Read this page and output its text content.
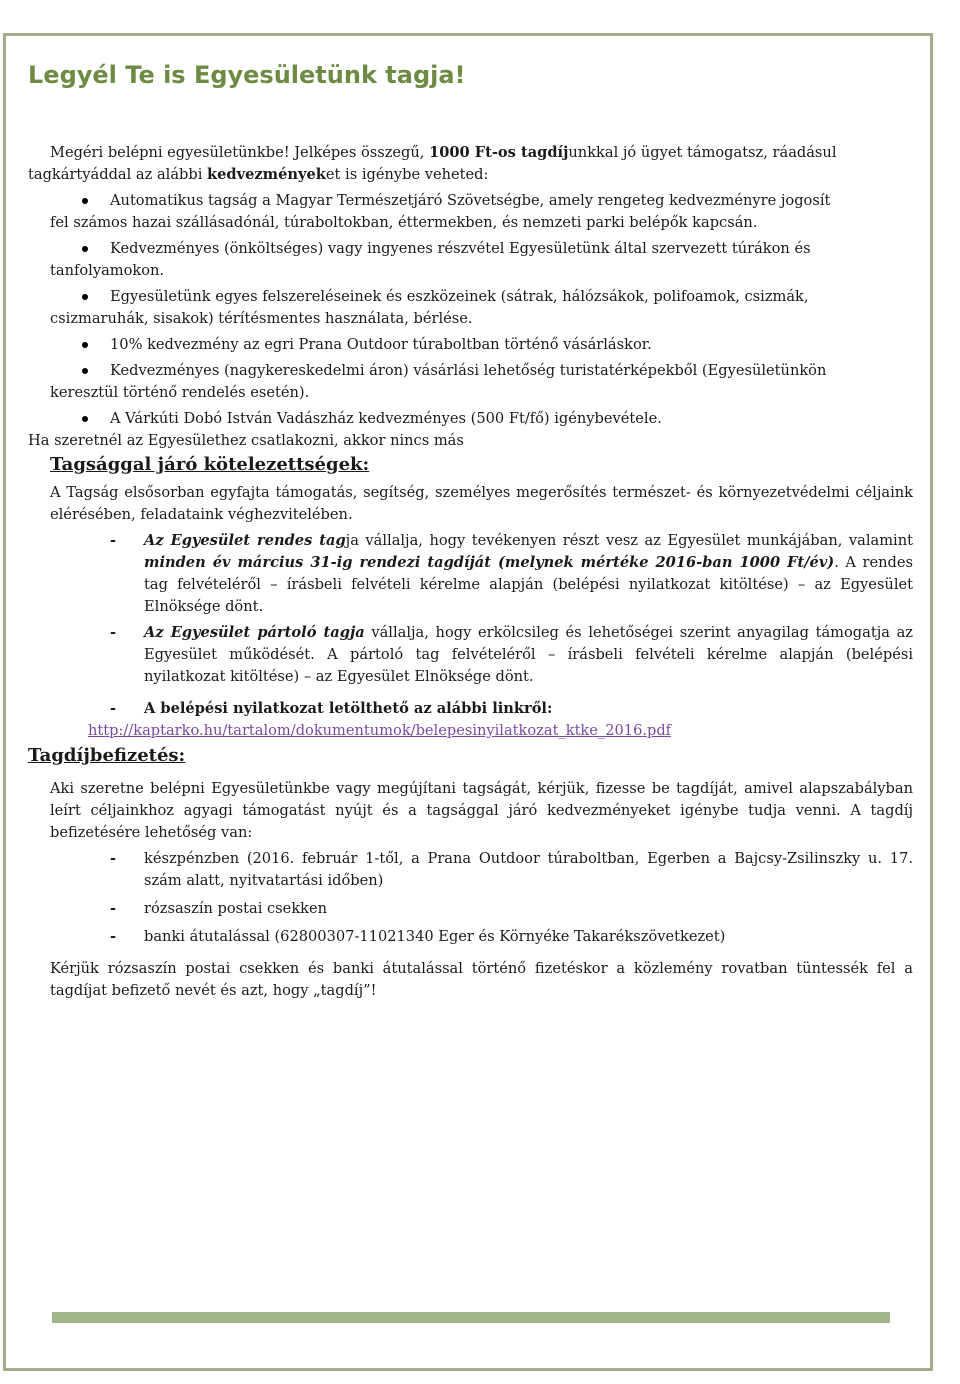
Legyél Te is Egyesületünk tagja!

Megéri belépni egyesületünkbe! Jelképes összegű, 1000 Ft-os tagdíjunkkal jó ügyet támogatsz, ráadásul

tagkártyáddal az alábbi kedvezményeket is igénybe veheted:

Automatikus tagság a Magyar Természetjáró Szövetségbe, amely rengeteg kedvezményre jogosít
fel számos hazai szállásadónál, túraboltokban, éttermekben, és nemzeti parki belépők kapcsán.
Kedvezményes (önköltséges) vagy ingyenes részvétel Egyesületünk által szervezett túrákon és
tanfolyamokon.
Egyesületünk egyes felszereléseinek és eszközeinek (sátrak, hálózsákok, polifoamok, csizmák,
csizmaruhák, sisakok) térítésmentes használata, bérlése.
10% kedvezmény az egri Prana Outdoor túraboltban történő vásárláskor.
Kedvezményes (nagykereskedelmi áron) vásárlási lehetőség turistatérképekből (Egyesületünkön
keresztül történő rendelés esetén).
A Várkúti Dobó István Vadászház kedvezményes (500 Ft/fő) igénybevétele.

Ha szeretnél az Egyesülethez csatlakozni, akkor nincs más

Tagsággal járó kötelezettségek:

A Tagság elsősorban egyfajta támogatás, segítség, személyes megerősítés természet- és környezetvédelmi céljaink elérésében, feladataink véghezvitelében.

- Az Egyesület rendes tagja vállalja, hogy tevékenyen részt vesz az Egyesület munkájában, valamint minden év március 31-ig rendezi tagdíját (melynek mértéke 2016-ban 1000 Ft/év). A rendes tag felvételéről – írásbeli felvételi kérelme alapján (belépési nyilatkozat kitöltése) – az Egyesület Elnöksége dönt.

- Az Egyesület pártoló tagja vállalja, hogy erkölcsileg és lehetőségei szerint anyagilag támogatja az Egyesület működését. A pártoló tag felvételéről – írásbeli felvételi kérelme alapján (belépési nyilatkozat kitöltése) – az Egyesület Elnöksége dönt.

- A belépési nyilatkozat letölthető az alábbi linkről:

http://kaptarko.hu/tartalom/dokumentumok/belepesinyilatkozat_ktke_2016.pdf

Tagdíjbefizetés:

Aki szeretne belépni Egyesületünkbe vagy megújítani tagságát, kérjük, fizesse be tagdíját, amivel alapszabályban leírt céljainkhoz agyagi támogatást nyújt és a tagsággal járó kedvezményeket igénybe tudja venni. A tagdíj befizetésére lehetőség van:

- készpénzben (2016. február 1-től, a Prana Outdoor túraboltban, Egerben a Bajcsy-Zsilinszky u. 17. szám alatt, nyitvatartási időben)

- rózsaszín postai csekken

- banki átutalással (62800307-11021340 Eger és Környéke Takarékszövetkezet)

Kérjük rózsaszín postai csekken és banki átutalással történő fizetéskor a közlemény rovatban tüntessék fel a tagdíjat befizető nevét és azt, hogy „tagdíj”!
